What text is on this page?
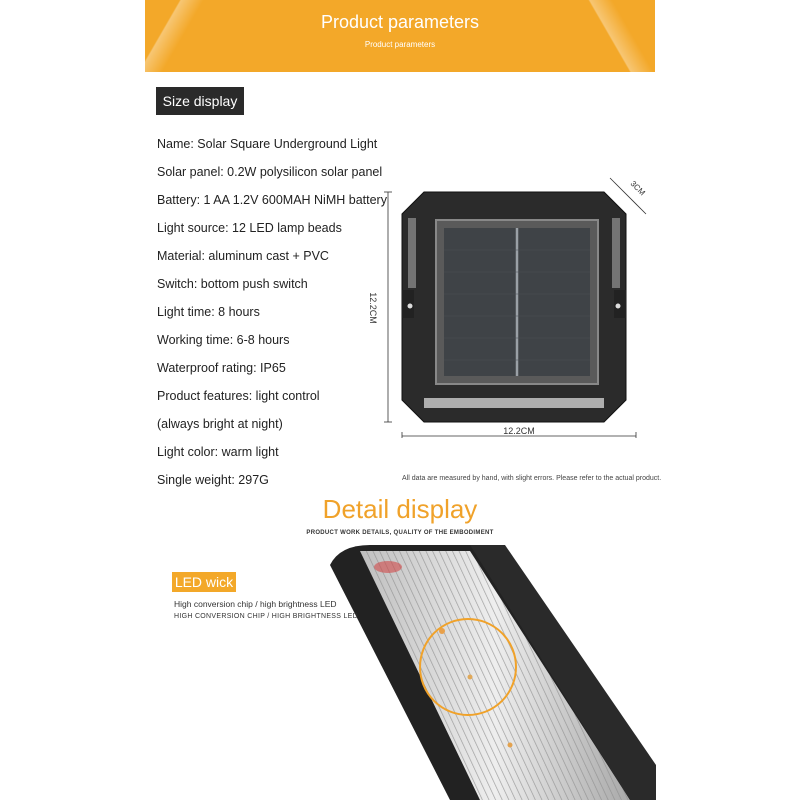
Product parameters
Product parameters
Size display
Name: Solar Square Underground Light
Solar panel: 0.2W polysilicon solar panel
Battery: 1 AA 1.2V 600MAH NiMH battery
Light source: 12 LED lamp beads
Material: aluminum cast + PVC
Switch: bottom push switch
Light time: 8 hours
Working time: 6-8 hours
Waterproof rating: IP65
Product features: light control
(always bright at night)
Light color: warm light
Single weight: 297G
12.2CM
12.2CM
3CM
All data are measured by hand, with slight errors. Please refer to the actual product.
Detail display
PRODUCT WORK DETAILS, QUALITY OF THE EMBODIMENT
LED wick
High conversion chip / high brightness LED
HIGH CONVERSION CHIP / HIGH BRIGHTNESS LED
